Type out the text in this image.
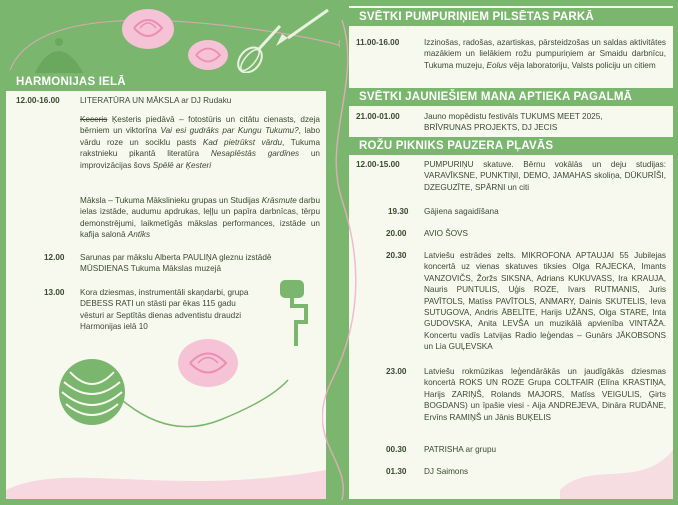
HARMONIJAS IELĀ
12.00-16.00 LITERATŪRA UN MĀKSLA ar DJ Rudaku
Keceris Ķesteris piedāvā – fotostūris un citātu cienasts, dzeja bērniem un viktorīna Vai esi gudrāks par Kungu Tukumu?, labo vārdu roze un sociklu pasts Kad pietrūkst vārdu, Tukuma rakstnieku pikantā literatūra Nesaplēstās gardīnes un improvizācijas šovs Spēlē ar Ķesteri
Mākslа – Tukuma Mākslinieku grupas un Studijas Krāsmute darbu ielas izstāde, audumu apdrukas, leļļu un papīra darbnīcas, tērpu demonstrējumi, laikmetīgās mākslas performances, izstāde un kafija salonā Antīks
12.00 Sarunas par mākslu Alberta PAULIŅA gleznu izstādē MŪSDIENAS Tukuma Mākslas muzejā
13.00 Kora dziesmas, instrumentāli skaņdarbi, grupa DEBESS RATI un stāsti par ēkas 115 gadu vēsturi ar Septītās dienas adventistu draudzi Harmonijas ielā 10
SVĒTKI PUMPURIŅIEM PILSĒTAS PARKĀ
11.00-16.00	Izzinošas, radošas, azartiskas, pārsteidzošas un saldas aktivitātes mazākiem un lielākiem rožu pumpuriņiem ar Smaidu darbnīcu, Tukuma muzeju, Eolus vēja laboratoriju, Valsts policiju un citiem
SVĒTKI JAUNIEŠIEM MANA APTIEKA PAGALMĀ
21.00-01.00	Jauno mopēdistu festivāls TUKUMS MEET 2025, BRĪVRUNAS PROJEKTS, DJ JECIS
ROŽU PIKNIKS PAUZERA PĻAVĀS
12.00-15.00	PUMPURIŅU skatuve. Bērnu vokālās un deju studijas: VARAVĪKSNE, PUNKTIŅI, DEMO, JAMAHAS skoliņa, DŪKURĪŠI, DZEGUZĪTE, SPĀRNI un citi
19.30 Gājiena sagaidīšana
20.00 AVIO ŠOVS
20.30 Latviešu estrādes zelts. MIKROFONA APTAUJAI 55 Jubilejas koncertā uz vienas skatuves tiksies Olga RAJECKA, Imants VANZOVIČS, Žoržs SIKSNA, Adrians KUKUVASS, Ira KRAUJA, Nauris PUNTULIS, Uģis ROZE, Ivars RUTMANIS, Juris PAVĪTOLS, Matīss PAVĪTOLS, ANMARY, Dainis SKUTELIS, Ieva SUTUGOVA, Andris ĀBELĪTE, Harijs UŽĀNS, Olga STARE, Inta GUDOVSKA, Anita LEVŠA un muzikālā apvienība VINTĀŽA. Koncertu vadīs Latvijas Radio leģendas – Gunārs JĀKOBSONS un Lia GUĻEVSKA
23.00 Latviešu rokmūzikas leģendārākās un jaudīgākās dziesmas koncertā ROKS UN ROZE Grupa COLTFAIR (Elīna KRASTIŅA, Harijs ZARIŅŠ, Rolands MAJORS, Matīss VEIGULIS, Ģirts BOGDANS) un īpašie viesi - Aija ANDREJEVA, Dināra RUDĀNE, Ervīns RAMIŅŠ un Jānis BUĶELIS
00.30 PATRISHA ar grupu
01.30 DJ Saimons
